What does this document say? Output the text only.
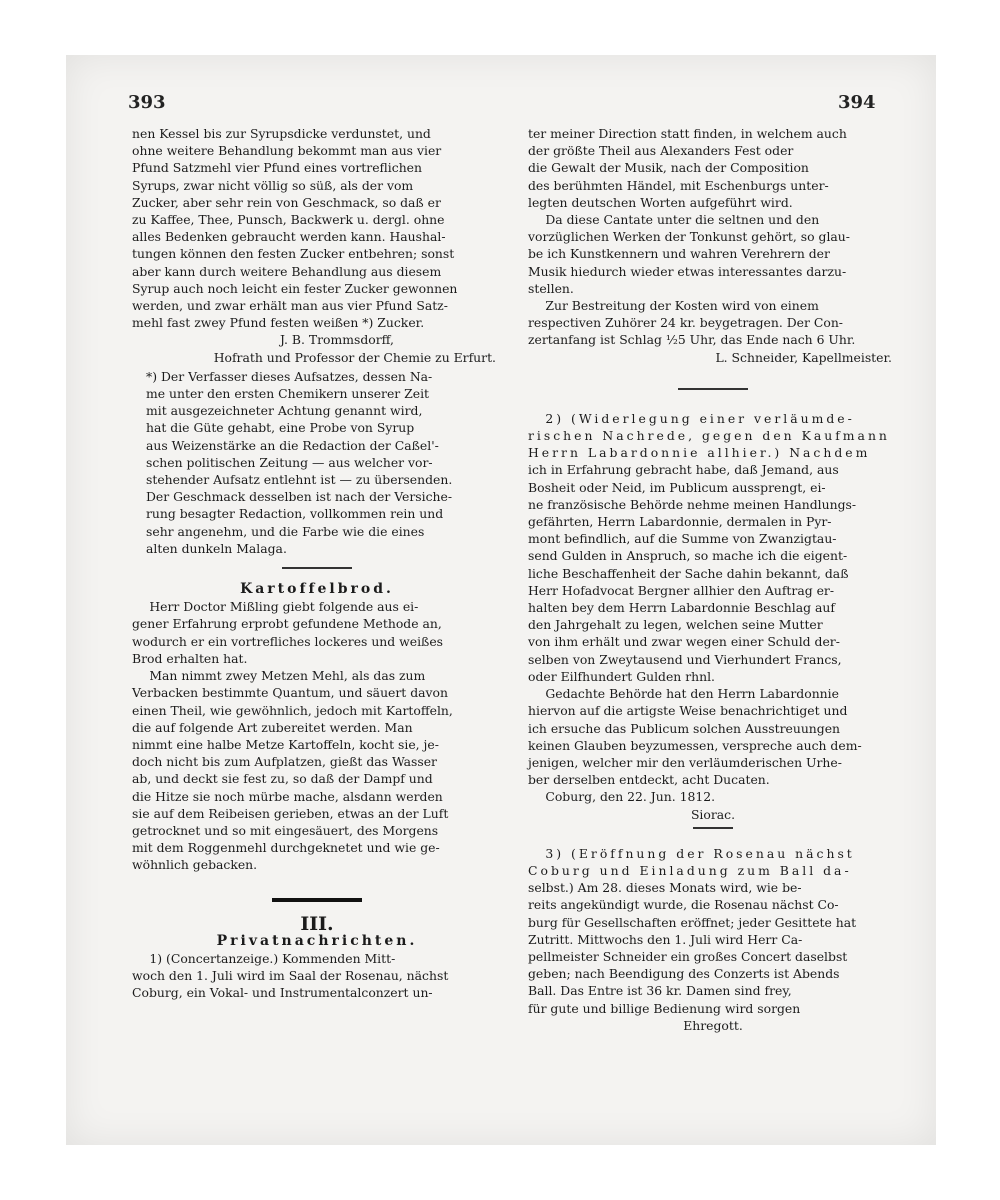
393	394

nen Kessel bis zur Syrupsdicke verdunstet, und

ohne weitere Behandlung bekommt man aus vier

Pfund Satzmehl vier Pfund eines vortreflichen

Syrups, zwar nicht völlig so süß, als der vom

Zucker, aber sehr rein von Geschmack, so daß er

zu Kaffee, Thee, Punsch, Backwerk u. dergl. ohne

alles Bedenken gebraucht werden kann. Haushal-

tungen können den festen Zucker entbehren; sonst

aber kann durch weitere Behandlung aus diesem

Syrup auch noch leicht ein fester Zucker gewonnen

werden, und zwar erhält man aus vier Pfund Satz-

mehl fast zwey Pfund festen weißen *) Zucker.

J. B. Trommsdorff,

Hofrath und Professor der Chemie zu Erfurt.

*) Der Verfasser dieses Aufsatzes, dessen Na-

me unter den ersten Chemikern unserer Zeit

mit ausgezeichneter Achtung genannt wird,

hat die Güte gehabt, eine Probe von Syrup

aus Weizenstärke an die Redaction der Caßel'-

schen politischen Zeitung — aus welcher vor-

stehender Aufsatz entlehnt ist — zu übersenden.

Der Geschmack desselben ist nach der Versiche-

rung besagter Redaction, vollkommen rein und

sehr angenehm, und die Farbe wie die eines

alten dunkeln Malaga.

Kartoffelbrod.

Herr Doctor Mißling giebt folgende aus ei-

gener Erfahrung erprobt gefundene Methode an,

wodurch er ein vortrefliches lockeres und weißes

Brod erhalten hat.

Man nimmt zwey Metzen Mehl, als das zum

Verbacken bestimmte Quantum, und säuert davon

einen Theil, wie gewöhnlich, jedoch mit Kartoffeln,

die auf folgende Art zubereitet werden. Man

nimmt eine halbe Metze Kartoffeln, kocht sie, je-

doch nicht bis zum Aufplatzen, gießt das Wasser

ab, und deckt sie fest zu, so daß der Dampf und

die Hitze sie noch mürbe mache, alsdann werden

sie auf dem Reibeisen gerieben, etwas an der Luft

getrocknet und so mit eingesäuert, des Morgens

mit dem Roggenmehl durchgeknetet und wie ge-

wöhnlich gebacken.

III.

Privatnachrichten.

1) (Concertanzeige.) Kommenden Mitt-

woch den 1. Juli wird im Saal der Rosenau, nächst

Coburg, ein Vokal- und Instrumentalconzert un-

ter meiner Direction statt finden, in welchem auch

der größte Theil aus Alexanders Fest oder

die Gewalt der Musik, nach der Composition

des berühmten Händel, mit Eschenburgs unter-

legten deutschen Worten aufgeführt wird.

Da diese Cantate unter die seltnen und den

vorzüglichen Werken der Tonkunst gehört, so glau-

be ich Kunstkennern und wahren Verehrern der

Musik hiedurch wieder etwas interessantes darzu-

stellen.

Zur Bestreitung der Kosten wird von einem

respectiven Zuhörer 24 kr. beygetragen. Der Con-

zertanfang ist Schlag ½5 Uhr, das Ende nach 6 Uhr.

L. Schneider, Kapellmeister.

2) (Widerlegung einer verläumde-

rischen Nachrede, gegen den Kaufmann

Herrn Labardonnie allhier.) Nachdem

ich in Erfahrung gebracht habe, daß Jemand, aus

Bosheit oder Neid, im Publicum aussprengt, ei-

ne französische Behörde nehme meinen Handlungs-

gefährten, Herrn Labardonnie, dermalen in Pyr-

mont befindlich, auf die Summe von Zwanzigtau-

send Gulden in Anspruch, so mache ich die eigent-

liche Beschaffenheit der Sache dahin bekannt, daß

Herr Hofadvocat Bergner allhier den Auftrag er-

halten bey dem Herrn Labardonnie Beschlag auf

den Jahrgehalt zu legen, welchen seine Mutter

von ihm erhält und zwar wegen einer Schuld der-

selben von Zweytausend und Vierhundert Francs,

oder Eilfhundert Gulden rhnl.

Gedachte Behörde hat den Herrn Labardonnie

hiervon auf die artigste Weise benachrichtiget und

ich ersuche das Publicum solchen Ausstreuungen

keinen Glauben beyzumessen, verspreche auch dem-

jenigen, welcher mir den verläumderischen Urhe-

ber derselben entdeckt, acht Ducaten.

Coburg, den 22. Jun. 1812.

Siorac.

3) (Eröffnung der Rosenau nächst

Coburg und Einladung zum Ball da-

selbst.) Am 28. dieses Monats wird, wie be-

reits angekündigt wurde, die Rosenau nächst Co-

burg für Gesellschaften eröffnet; jeder Gesittete hat

Zutritt. Mittwochs den 1. Juli wird Herr Ca-

pellmeister Schneider ein großes Concert daselbst

geben; nach Beendigung des Conzerts ist Abends

Ball. Das Entre ist 36 kr. Damen sind frey,

für gute und billige Bedienung wird sorgen

Ehregott.
